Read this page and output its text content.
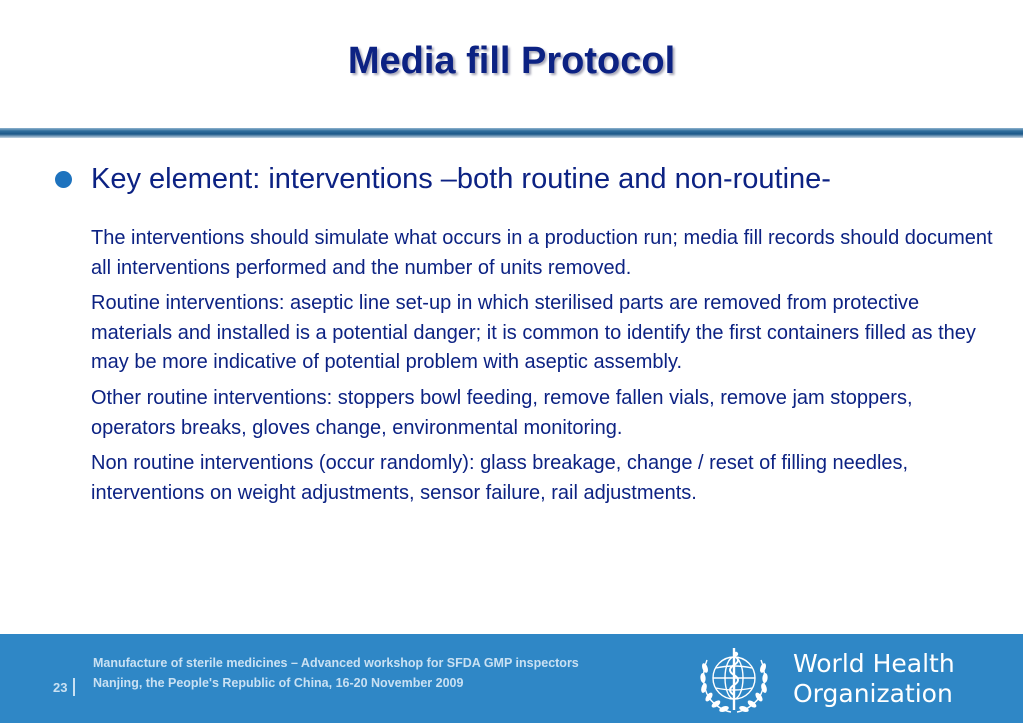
Media fill Protocol
Key element: interventions –both routine and non-routine-

The interventions should simulate what occurs in a production run; media fill records should document all interventions performed and the number of units removed.

Routine interventions: aseptic line set-up in which sterilised parts are removed from protective materials and installed is a potential danger; it is common to identify the first containers filled as they may be more indicative of potential problem with aseptic assembly.

Other routine interventions: stoppers bowl feeding, remove fallen vials, remove jam stoppers, operators breaks, gloves change, environmental monitoring.

Non routine interventions (occur randomly): glass breakage, change / reset of filling needles, interventions on weight adjustments, sensor failure, rail adjustments.

23
Manufacture of sterile medicines – Advanced workshop for SFDA GMP inspectors
Nanjing, the People's Republic of China, 16-20 November 2009
World Health
Organization
